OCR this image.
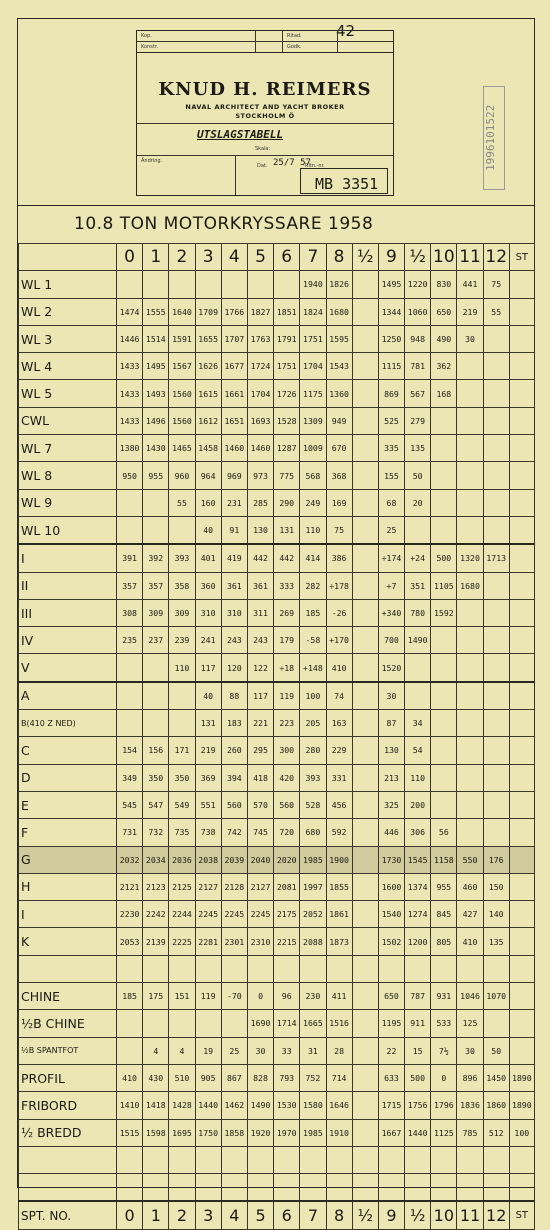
42
Kop.	Ritad.
Konstr.	Godk.
KNUD H. REIMERS
NAVAL ARCHITECT AND YACHT BROKER
STOCKHOLM Ö
UTSLAGSTABELL
Skala:
Ändring.
Dat. 25/7 57
Ritn.-nr.
MB 3351
1996101522
10.8 TON MOTORKRYSSARE 1958
	0	1	2	3	4	5	6	7	8	½	9	½	10	11	12	ST
WL 1								1940	1826		1495	1220	830	441	75	
WL 2	1474	1555	1640	1709	1766	1827	1851	1824	1680		1344	1060	650	219	55	
WL 3	1446	1514	1591	1655	1707	1763	1791	1751	1595		1250	948	490	30		
WL 4	1433	1495	1567	1626	1677	1724	1751	1704	1543		1115	781	362			
WL 5	1433	1493	1560	1615	1661	1704	1726	1175	1360		869	567	168			
CWL	1433	1496	1560	1612	1651	1693	1528	1309	949		525	279				
WL 7	1380	1430	1465	1458	1460	1460	1287	1009	670		335	135				
WL 8	950	955	960	964	969	973	775	568	368		155	50				
WL 9			55	160	231	285	290	249	169		68	20				
WL 10				40	91	130	131	110	75		25					
I	391	392	393	401	419	442	442	414	386		÷174	+24	500	1320	1713	
II	357	357	358	360	361	361	333	282	÷178		+7	351	1105	1680		
III	308	309	309	310	310	311	269	185	-26		+340	780	1592			
IV	235	237	239	241	243	243	179	-58	+170		700	1490				
V			110	117	120	122	÷18	+148	410		1520					
A				40	88	117	119	100	74		30					
B(410 Z NED)				131	183	221	223	205	163		87	34				
C	154	156	171	219	260	295	300	280	229		130	54				
D	349	350	350	369	394	418	420	393	331		213	110				
E	545	547	549	551	560	570	560	528	456		325	200				
F	731	732	735	738	742	745	720	680	592		446	306	56			
G	2032	2034	2036	2038	2039	2040	2020	1985	1900		1730	1545	1158	550	176	
H	2121	2123	2125	2127	2128	2127	2081	1997	1855		1600	1374	955	460	150	
I	2230	2242	2244	2245	2245	2245	2175	2052	1861		1540	1274	845	427	140	
K	2053	2139	2225	2281	2301	2310	2215	2088	1873		1502	1200	805	410	135	

CHINE	185	175	151	119	-70	0	96	230	411		650	787	931	1046	1070	
½B CHINE						1690	1714	1665	1516		1195	911	533	125		
½B SPANTFOT		4	4	19	25	30	33	31	28		22	15	7½	30	50	
PROFIL	410	430	510	905	867	828	793	752	714		633	500	0	896	1450	1890
FRIBORD	1410	1418	1428	1440	1462	1490	1530	1580	1646		1715	1756	1796	1836	1860	1890
½ BREDD	1515	1598	1695	1750	1858	1920	1970	1985	1910		1667	1440	1125	785	512	100

SPT. NO.	0	1	2	3	4	5	6	7	8	½	9	½	10	11	12	ST
